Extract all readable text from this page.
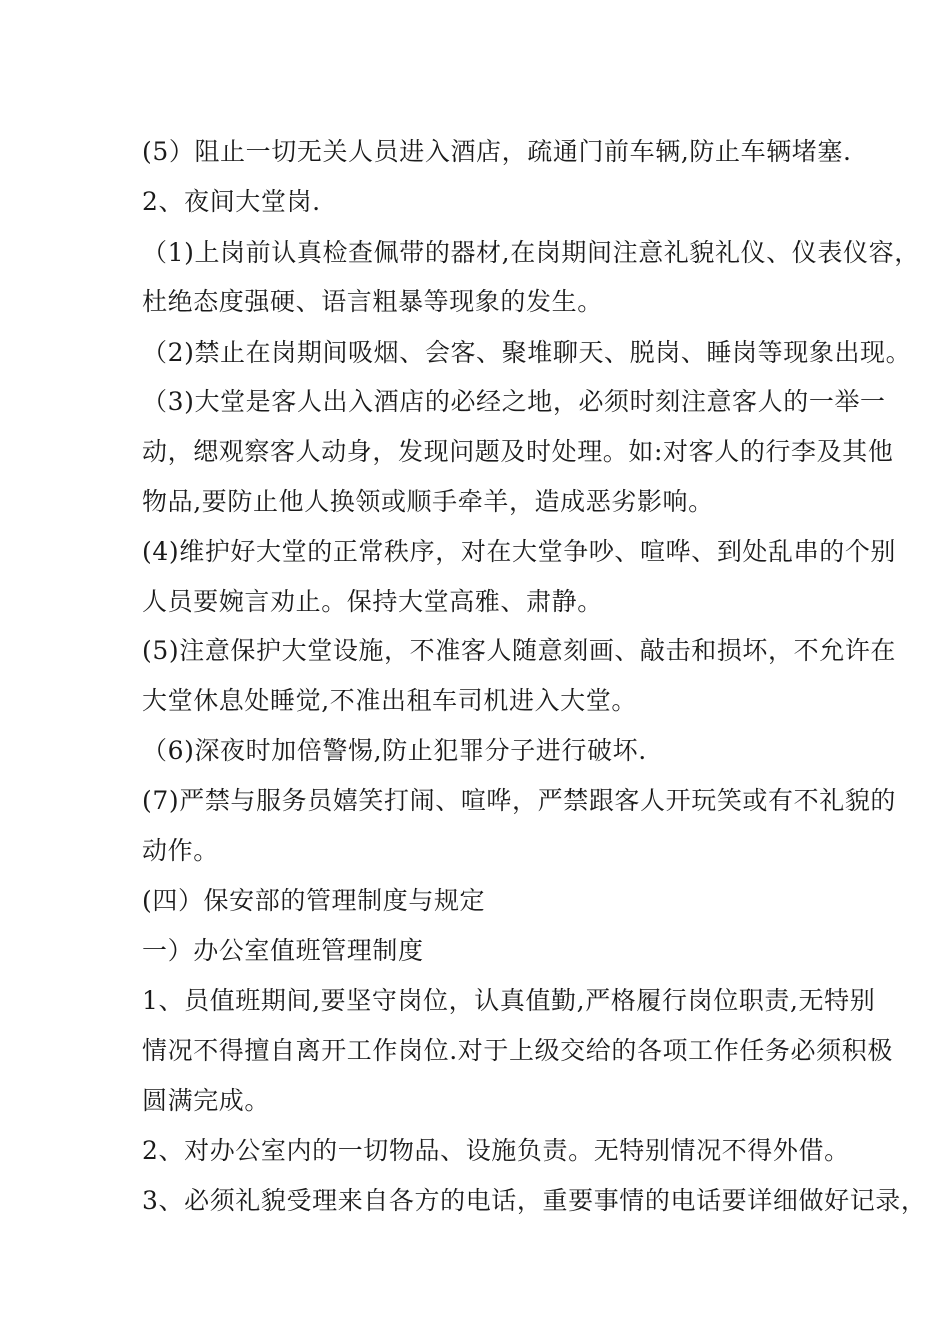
(5）阻止一切无关人员进入酒店，疏通门前车辆,防止车辆堵塞.
2、夜间大堂岗.
（1)上岗前认真检查佩带的器材,在岗期间注意礼貌礼仪、仪表仪容，
杜绝态度强硬、语言粗暴等现象的发生。
（2)禁止在岗期间吸烟、会客、聚堆聊天、脱岗、睡岗等现象出现。
（3)大堂是客人出入酒店的必经之地，必须时刻注意客人的一举一
动，缌观察客人动身，发现问题及时处理。如:对客人的行李及其他
物品,要防止他人换领或顺手牵羊，造成恶劣影响。
(4)维护好大堂的正常秩序，对在大堂争吵、喧哗、到处乱串的个别
人员要婉言劝止。保持大堂高雅、肃静。
(5)注意保护大堂设施，不准客人随意刻画、敲击和损坏，不允许在
大堂休息处睡觉,不准出租车司机进入大堂。
（6)深夜时加倍警惕,防止犯罪分子进行破坏.
(7)严禁与服务员嬉笑打闹、喧哗，严禁跟客人开玩笑或有不礼貌的
动作。
(四）保安部的管理制度与规定
一）办公室值班管理制度
1、员值班期间,要坚守岗位，认真值勤,严格履行岗位职责,无特别
情况不得擅自离开工作岗位.对于上级交给的各项工作任务必须积极
圆满完成。
2、对办公室内的一切物品、设施负责。无特别情况不得外借。
3、必须礼貌受理来自各方的电话，重要事情的电话要详细做好记录，
